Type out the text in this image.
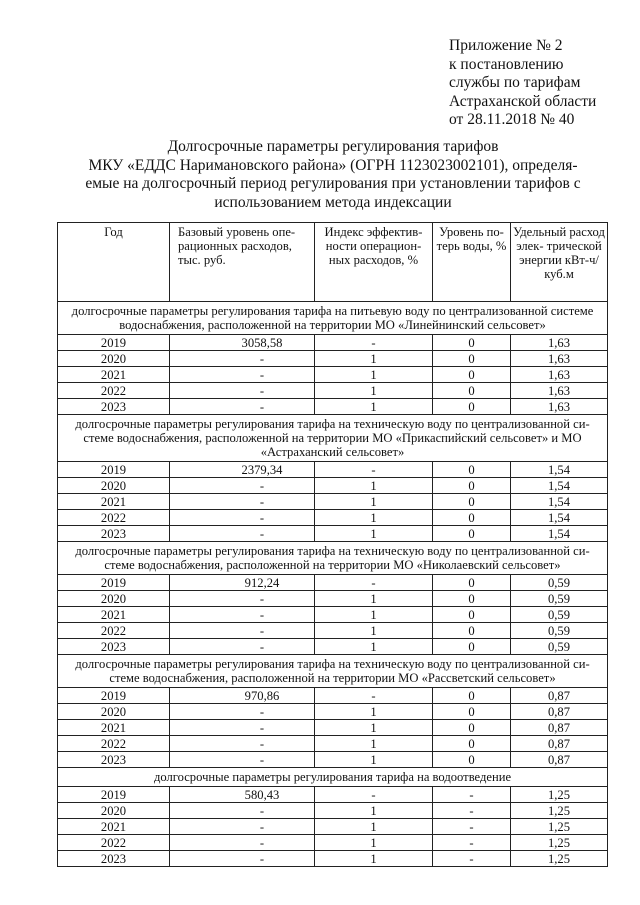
Приложение № 2
к постановлению
службы по тарифам
Астраханской области
от 28.11.2018 № 40
Долгосрочные параметры регулирования тарифов
МКУ «ЕДДС Наримановского района» (ОГРН 1123023002101), определя-
емые на долгосрочный период регулирования при установлении тарифов с
использованием метода индексации
Год	Базовый уровень опе- рационных расходов, тыс. руб.	Индекс эффектив- ности операцион- ных расходов, %	Уровень по- терь воды, %	Удельный расход элек- трической энергии кВт-ч/куб.м
долгосрочные параметры регулирования тарифа на питьевую воду по централизованной системе водоснабжения, расположенной на территории МО «Линейнинский сельсовет»				
2019	3058,58	-	0	1,63
2020	-	1	0	1,63
2021	-	1	0	1,63
2022	-	1	0	1,63
2023	-	1	0	1,63
долгосрочные параметры регулирования тарифа на техническую воду по централизованной си- стеме водоснабжения, расположенной на территории МО «Прикаспийский сельсовет» и МО «Астраханский сельсовет»				
2019	2379,34	-	0	1,54
2020	-	1	0	1,54
2021	-	1	0	1,54
2022	-	1	0	1,54
2023	-	1	0	1,54
долгосрочные параметры регулирования тарифа на техническую воду по централизованной си- стеме водоснабжения, расположенной на территории МО «Николаевский сельсовет»				
2019	912,24	-	0	0,59
2020	-	1	0	0,59
2021	-	1	0	0,59
2022	-	1	0	0,59
2023	-	1	0	0,59
долгосрочные параметры регулирования тарифа на техническую воду по централизованной си- стеме водоснабжения, расположенной на территории МО «Рассветский сельсовет»				
2019	970,86	-	0	0,87
2020	-	1	0	0,87
2021	-	1	0	0,87
2022	-	1	0	0,87
2023	-	1	0	0,87
долгосрочные параметры регулирования тарифа на водоотведение				
2019	580,43	-	-	1,25
2020	-	1	-	1,25
2021	-	1	-	1,25
2022	-	1	-	1,25
2023	-	1	-	1,25
